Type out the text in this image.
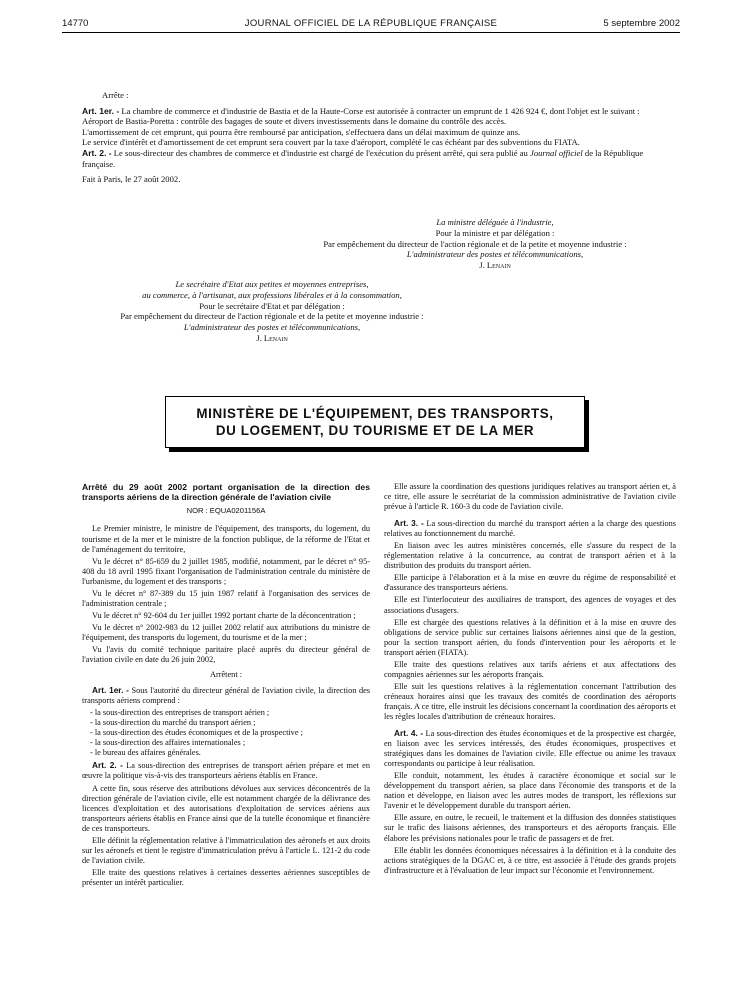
14770	JOURNAL OFFICIEL DE LA RÉPUBLIQUE FRANÇAISE	5 septembre 2002

Arrête :

Art. 1er. - La chambre de commerce et d'industrie de Bastia et de la Haute-Corse est autorisée à contracter un emprunt de 1 426 924 €, dont l'objet est le suivant :

Aéroport de Bastia-Poretta : contrôle des bagages de soute et divers investissements dans le domaine du contrôle des accès.

L'amortissement de cet emprunt, qui pourra être remboursé par anticipation, s'effectuera dans un délai maximum de quinze ans.

Le service d'intérêt et d'amortissement de cet emprunt sera couvert par la taxe d'aéroport, complété le cas échéant par des subventions du FIATA.

Art. 2. - Le sous-directeur des chambres de commerce et d'industrie est chargé de l'exécution du présent arrêté, qui sera publié au Journal officiel de la République française.

Fait à Paris, le 27 août 2002.

La ministre déléguée à l'industrie,

Pour la ministre et par délégation :

Par empêchement du directeur de l'action régionale et de la petite et moyenne industrie :

L'administrateur des postes et télécommunications,

J. Lenain

Le secrétaire d'Etat aux petites et moyennes entreprises,

au commerce, à l'artisanat, aux professions libérales et à la consommation,

Pour le secrétaire d'Etat et par délégation :

Par empêchement du directeur de l'action régionale et de la petite et moyenne industrie :

L'administrateur des postes et télécommunications,

J. Lenain

MINISTÈRE DE L'ÉQUIPEMENT, DES TRANSPORTS,
DU LOGEMENT, DU TOURISME ET DE LA MER

Arrêté du 29 août 2002 portant organisation de la direction des transports aériens de la direction générale de l'aviation civile

NOR : EQUA0201156A

Le Premier ministre, le ministre de l'équipement, des transports, du logement, du tourisme et de la mer et le ministre de la fonction publique, de la réforme de l'Etat et de l'aménagement du territoire,

Vu le décret n° 85-659 du 2 juillet 1985, modifié, notamment, par le décret n° 95-408 du 18 avril 1995 fixant l'organisation de l'administration centrale du ministère de l'urbanisme, du logement et des transports ;

Vu le décret n° 87-389 du 15 juin 1987 relatif à l'organisation des services de l'administration centrale ;

Vu le décret n° 92-604 du 1er juillet 1992 portant charte de la déconcentration ;

Vu le décret n° 2002-983 du 12 juillet 2002 relatif aux attributions du ministre de l'équipement, des transports du logement, du tourisme et de la mer ;

Vu l'avis du comité technique paritaire placé auprès du directeur général de l'aviation civile en date du 26 juin 2002,

Arrêtent :

Art. 1er. - Sous l'autorité du directeur général de l'aviation civile, la direction des transports aériens comprend :

- la sous-direction des entreprises de transport aérien ;

- la sous-direction du marché du transport aérien ;

- la sous-direction des études économiques et de la prospective ;

- la sous-direction des affaires internationales ;

- le bureau des affaires générales.

Art. 2. - La sous-direction des entreprises de transport aérien prépare et met en œuvre la politique vis-à-vis des transporteurs aériens établis en France.

A cette fin, sous réserve des attributions dévolues aux services déconcentrés de la direction générale de l'aviation civile, elle est notamment chargée de la délivrance des licences d'exploitation et des autorisations d'exploitation de services aériens aux transporteurs aériens établis en France ainsi que de la tutelle économique et financière de ces transporteurs.

Elle définit la réglementation relative à l'immatriculation des aéronefs et aux droits sur les aéronefs et tient le registre d'immatriculation prévu à l'article L. 121-2 du code de l'aviation civile.

Elle traite des questions relatives à certaines dessertes aériennes susceptibles de présenter un intérêt particulier.

Elle assure la coordination des questions juridiques relatives au transport aérien et, à ce titre, elle assure le secrétariat de la commission administrative de l'aviation civile prévue à l'article R. 160-3 du code de l'aviation civile.

Art. 3. - La sous-direction du marché du transport aérien a la charge des questions relatives au fonctionnement du marché.

En liaison avec les autres ministères concernés, elle s'assure du respect de la réglementation relative à la concurrence, au contrat de transport aérien et à la distribution des produits du transport aérien.

Elle participe à l'élaboration et à la mise en œuvre du régime de responsabilité et d'assurance des transporteurs aériens.

Elle est l'interlocuteur des auxiliaires de transport, des agences de voyages et des associations d'usagers.

Elle est chargée des questions relatives à la définition et à la mise en œuvre des obligations de service public sur certaines liaisons aériennes ainsi que de la gestion, pour la section transport aérien, du fonds d'intervention pour les aéroports et le transport aérien (FIATA).

Elle traite des questions relatives aux tarifs aériens et aux affectations des compagnies aériennes sur les aéroports français.

Elle suit les questions relatives à la réglementation concernant l'attribution des créneaux horaires ainsi que les travaux des comités de coordination des aéroports français. A ce titre, elle instruit les décisions concernant la coordination des aéroports et les règles locales d'attribution de créneaux horaires.

Art. 4. - La sous-direction des études économiques et de la prospective est chargée, en liaison avec les services intéressés, des études économiques, prospectives et stratégiques dans les domaines de l'aviation civile. Elle effectue ou anime les travaux correspondants ou participe à leur réalisation.

Elle conduit, notamment, les études à caractère économique et social sur le développement du transport aérien, sa place dans l'économie des transports et de la nation et développe, en liaison avec les autres modes de transport, les réflexions sur l'avenir et le développement durable du transport aérien.

Elle assure, en outre, le recueil, le traitement et la diffusion des données statistiques sur le trafic des liaisons aériennes, des transporteurs et des aéroports français. Elle élabore les prévisions nationales pour le trafic de passagers et de fret.

Elle établit les données économiques nécessaires à la définition et à la conduite des actions stratégiques de la DGAC et, à ce titre, est associée à l'étude des grands projets d'infrastructure et à l'évaluation de leur impact sur l'économie et l'environnement.
